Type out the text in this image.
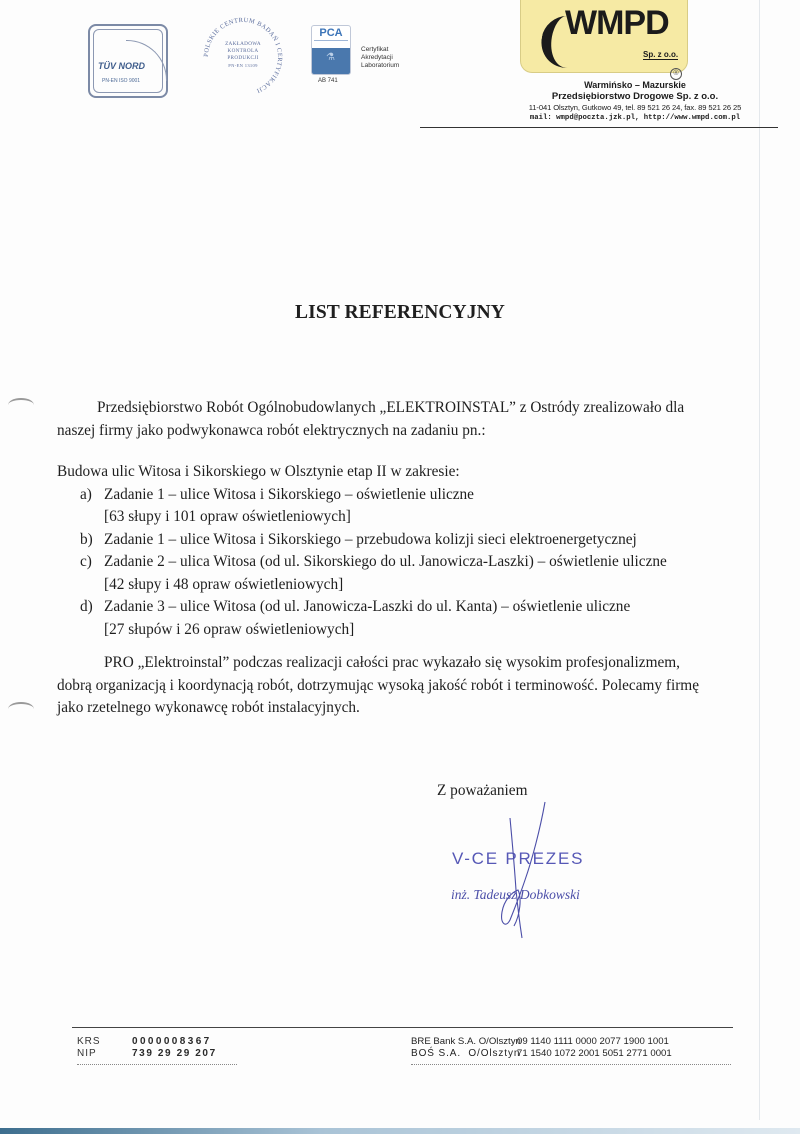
TÜV NORD
PN-EN ISO 9001
POLSKIE CENTRUM BADAŃ I CERTYFIKACJI
ZAKŁADOWA
KONTROLA
PRODUKCJI
PN-EN 13109
PCA
⚗
AB 741
Certyfikat
Akredytacji
Laboratorium
WMPD
Sp. z o.o.
®
Warmińsko – Mazurskie
Przedsiębiorstwo Drogowe Sp. z o.o.
11-041 Olsztyn, Gutkowo 49, tel. 89 521 26 24, fax. 89 521 26 25
mail: wmpd@poczta.jzk.pl, http://www.wmpd.com.pl
LIST REFERENCYJNY
Przedsiębiorstwo Robót Ogólnobudowlanych „ELEKTROINSTAL” z Ostródy zrealizowało dla
naszej firmy jako podwykonawca robót elektrycznych na zadaniu pn.:
Budowa ulic Witosa i Sikorskiego w Olsztynie etap II w zakresie:
a) Zadanie 1 – ulice Witosa i Sikorskiego – oświetlenie uliczne
[63 słupy i 101 opraw oświetleniowych]
b) Zadanie 1 – ulice Witosa i Sikorskiego – przebudowa kolizji sieci elektroenergetycznej
c) Zadanie 2 – ulica Witosa (od ul. Sikorskiego do ul. Janowicza-Laszki) – oświetlenie uliczne
[42 słupy i 48 opraw oświetleniowych]
d) Zadanie 3 – ulice Witosa (od ul. Janowicza-Laszki do ul. Kanta) – oświetlenie uliczne
[27 słupów i 26 opraw oświetleniowych]
PRO „Elektroinstal” podczas realizacji całości prac wykazało się wysokim profesjonalizmem,
dobrą organizacją i koordynacją robót, dotrzymując wysoką jakość robót i terminowość. Polecamy firmę
jako rzetelnego wykonawcę robót instalacyjnych.
Z poważaniem
V-CE PREZES
inż. Tadeusz Dobkowski
KRS	0000008367
NIP	739 29 29 207
BRE Bank S.A. O/Olsztyn
09 1140 1111 0000 2077 1900 1001
BOŚ S.A.  O/Olsztyn
71 1540 1072 2001 5051 2771 0001
